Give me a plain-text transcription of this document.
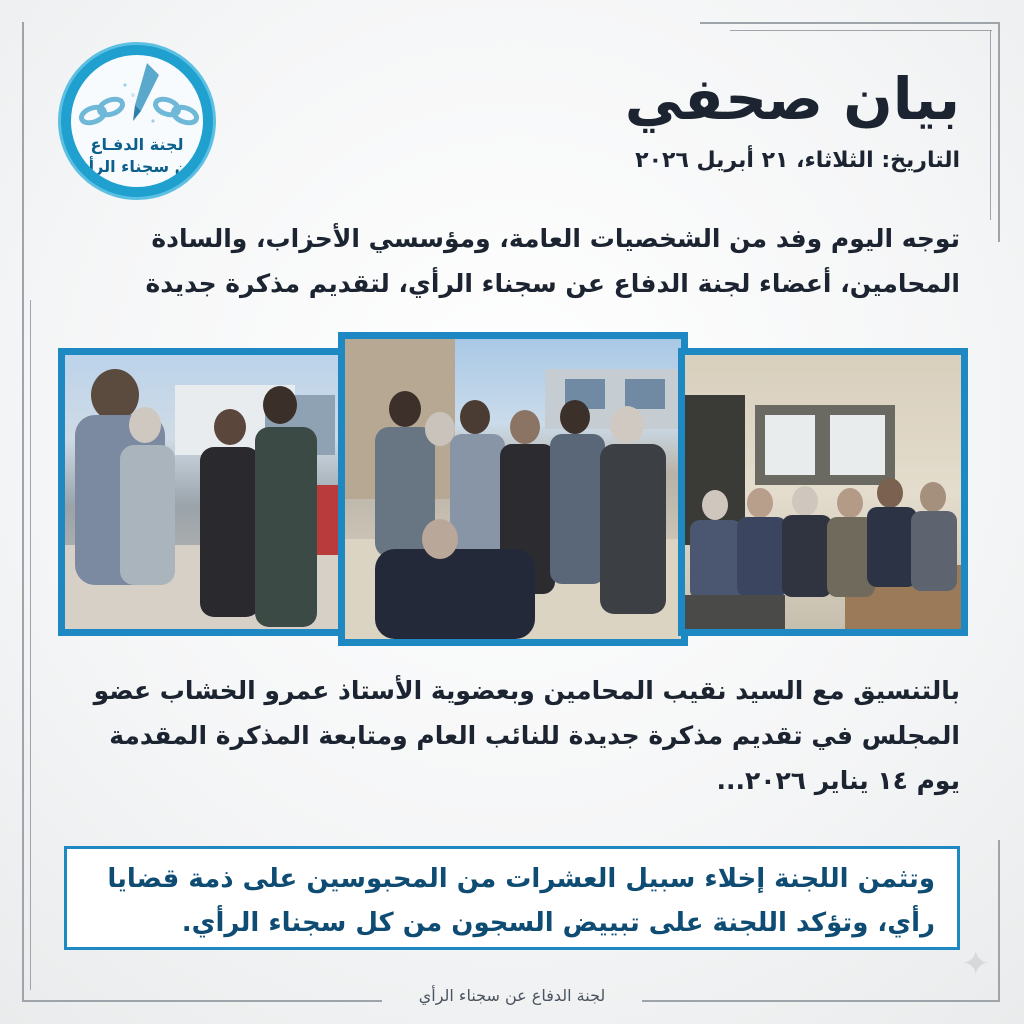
لجنة الدفـاع
عن سجناء الرأى
بيان صحفي
التاريخ: الثلاثاء، ٢١ أبريل ٢٠٢٦
توجه اليوم وفد من الشخصيات العامة، ومؤسسي الأحزاب، والسادة
المحامين، أعضاء لجنة الدفاع عن سجناء الرأي، لتقديم مذكرة جديدة
بالتنسيق مع السيد نقيب المحامين وبعضوية الأستاذ عمرو الخشاب عضو
المجلس في تقديم مذكرة جديدة للنائب العام ومتابعة المذكرة المقدمة
يوم ١٤ يناير ٢٠٢٦...
وتثمن اللجنة إخلاء سبيل العشرات من المحبوسين على ذمة قضايا
رأي، وتؤكد اللجنة على تبييض السجون من كل سجناء الرأي.
✦
لجنة الدفاع عن سجناء الرأي
